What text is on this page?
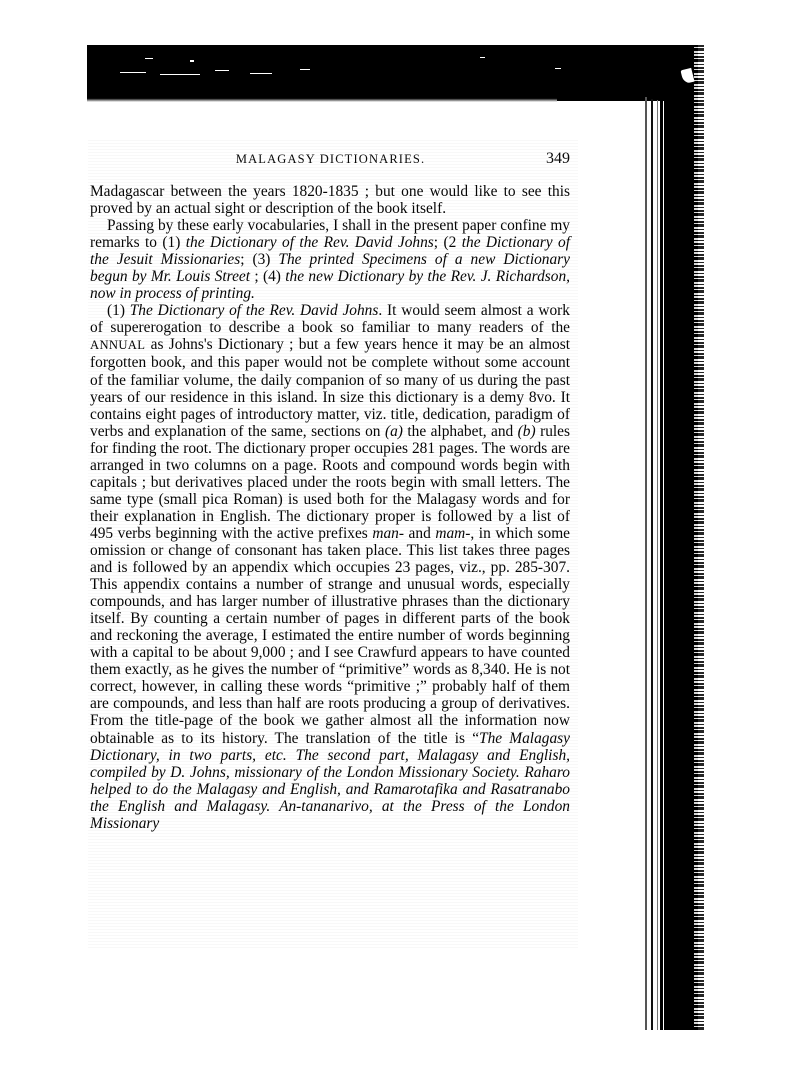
MALAGASY DICTIONARIES.	349

Madagascar between the years 1820-1835 ; but one would like to see this proved by an actual sight or description of the book itself.

Passing by these early vocabularies, I shall in the present paper confine my remarks to (1) the Dictionary of the Rev. David Johns; (2 the Dictionary of the Jesuit Missionaries; (3) The printed Specimens of a new Dictionary begun by Mr. Louis Street ; (4) the new Dictionary by the Rev. J. Richardson, now in process of printing.

(1) The Dictionary of the Rev. David Johns. It would seem almost a work of supererogation to describe a book so familiar to many readers of the ANNUAL as Johns's Dictionary ; but a few years hence it may be an almost forgotten book, and this paper would not be complete without some account of the familiar volume, the daily companion of so many of us during the past years of our residence in this island. In size this dictionary is a demy 8vo. It contains eight pages of introductory matter, viz. title, dedication, paradigm of verbs and explanation of the same, sections on (a) the alphabet, and (b) rules for finding the root. The dictionary proper occupies 281 pages. The words are arranged in two columns on a page. Roots and compound words begin with capitals ; but derivatives placed under the roots begin with small letters. The same type (small pica Roman) is used both for the Malagasy words and for their explanation in English. The dictionary proper is followed by a list of 495 verbs beginning with the active prefixes man- and mam-, in which some omission or change of consonant has taken place. This list takes three pages and is followed by an appendix which occupies 23 pages, viz., pp. 285-307. This appendix contains a number of strange and unusual words, especially compounds, and has larger number of illustrative phrases than the dictionary itself. By counting a certain number of pages in different parts of the book and reckoning the average, I estimated the entire number of words beginning with a capital to be about 9,000 ; and I see Crawfurd appears to have counted them exactly, as he gives the number of “primitive” words as 8,340. He is not correct, however, in calling these words “primitive ;” probably half of them are compounds, and less than half are roots producing a group of derivatives. From the title-page of the book we gather almost all the information now obtainable as to its history. The translation of the title is “The Malagasy Dictionary, in two parts, etc. The second part, Malagasy and English, compiled by D. Johns, missionary of the London Missionary Society. Raharo helped to do the Malagasy and English, and Ramarotafika and Rasatranabo the English and Malagasy. An-tananarivo, at the Press of the London Missionary
